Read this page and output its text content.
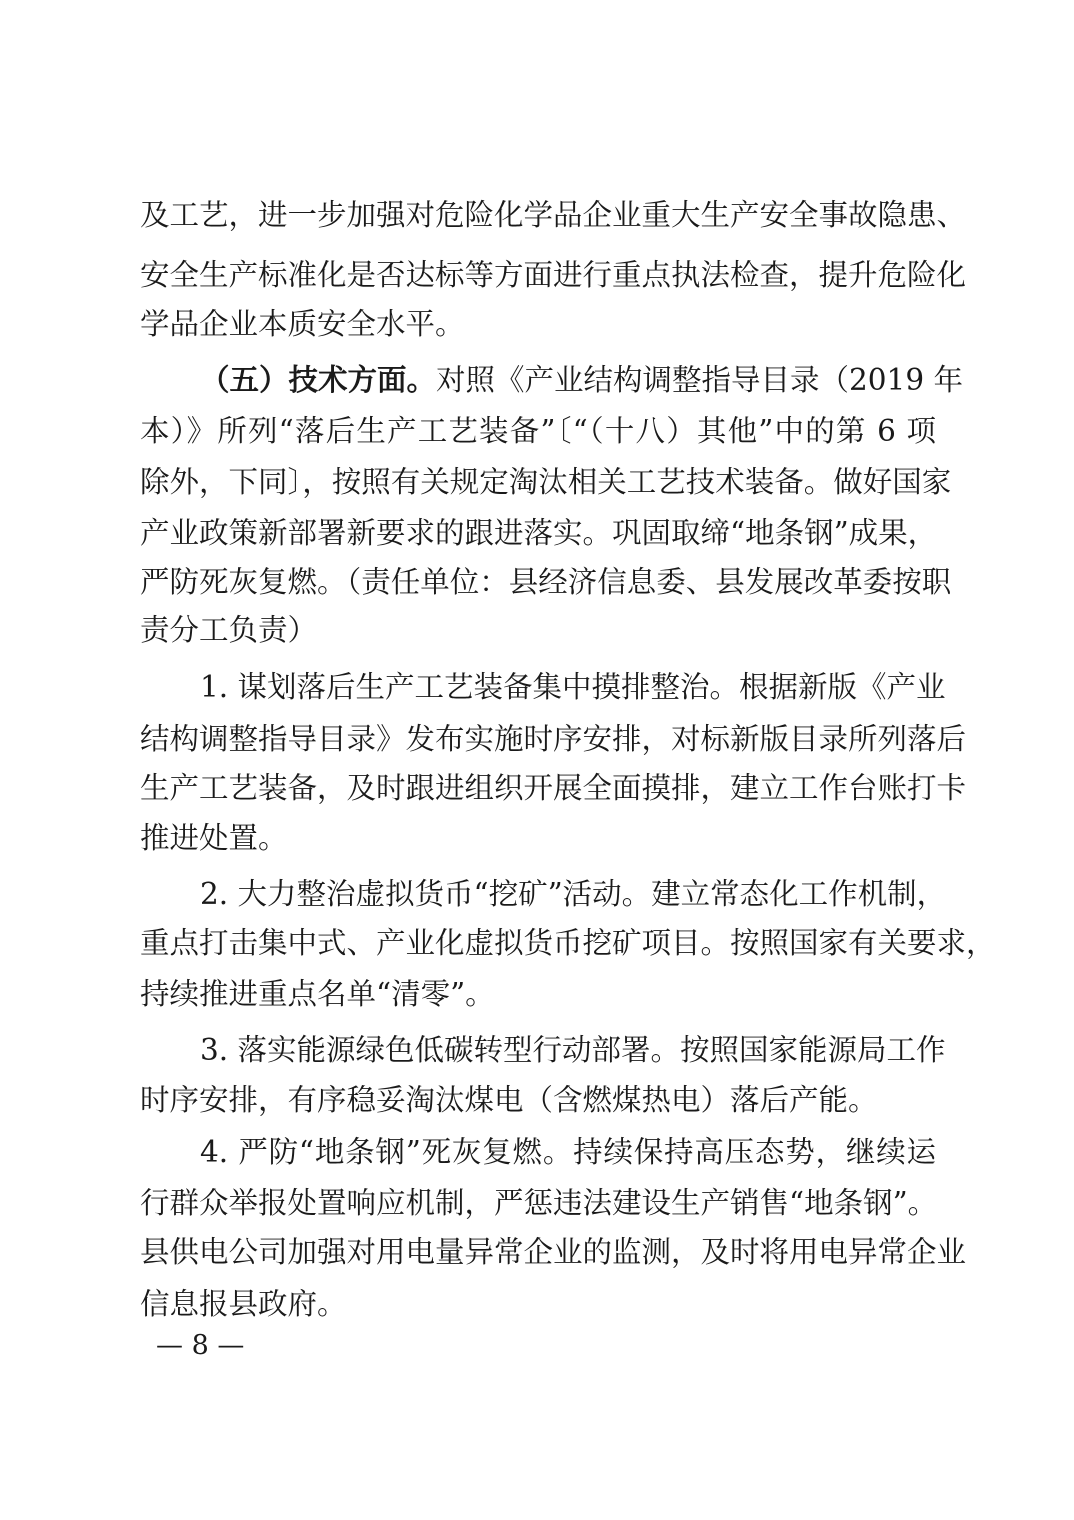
及工艺，进一步加强对危险化学品企业重大生产安全事故隐患、
安全生产标准化是否达标等方面进行重点执法检查，提升危险化
学品企业本质安全水平。
（五）技术方面。对照《产业结构调整指导目录（2019 年
本）》所列“落后生产工艺装备”〔“（十八）其他”中的第 6 项
除外，下同〕，按照有关规定淘汰相关工艺技术装备。做好国家
产业政策新部署新要求的跟进落实。巩固取缔“地条钢”成果，
严防死灰复燃。（责任单位：县经济信息委、县发展改革委按职
责分工负责）
1. 谋划落后生产工艺装备集中摸排整治。根据新版《产业
结构调整指导目录》发布实施时序安排，对标新版目录所列落后
生产工艺装备，及时跟进组织开展全面摸排，建立工作台账打卡
推进处置。
2. 大力整治虚拟货币“挖矿”活动。建立常态化工作机制，
重点打击集中式、产业化虚拟货币挖矿项目。按照国家有关要求，
持续推进重点名单“清零”。
3. 落实能源绿色低碳转型行动部署。按照国家能源局工作
时序安排，有序稳妥淘汰煤电（含燃煤热电）落后产能。
4. 严防“地条钢”死灰复燃。持续保持高压态势，继续运
行群众举报处置响应机制，严惩违法建设生产销售“地条钢”。
县供电公司加强对用电量异常企业的监测，及时将用电异常企业
信息报县政府。
— 8 —
